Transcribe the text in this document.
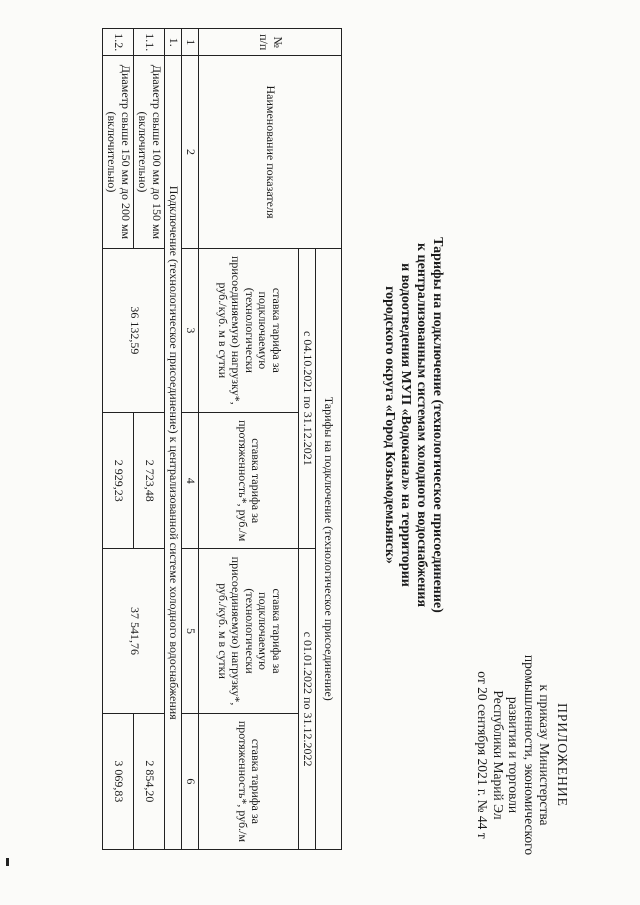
ПРИЛОЖЕНИЕ
к приказу Министерства
промышленности, экономического
развития и торговли
Республики Марий Эл
от 20 сентября 2021 г. № 44 т
Тарифы на подключение (технологическое присоединение)
к централизованным системам холодного водоснабжения
и водоотведения МУП «Водоканал» на территории
городского округа «Город Козьмодемьянск»
№ п/п	Наименование показателя	Тарифы на подключение (технологическое присоединение)			
		с 04.10.2021 по 31.12.2021		с 01.01.2022 по 31.12.2022	
		ставка тарифа за подключаемую (технологически присоединяемую) нагрузку*, руб./куб. м в сутки	ставка тарифа за протяженность*, руб./м	ставка тарифа за подключаемую (технологически присоединяемую) нагрузку*, руб./куб. м в сутки	ставка тарифа за протяженность*, руб./м
1	2	3	4	5	6
1.	Подключение (технологическое присоединение) к централизованной системе холодного водоснабжения				
1.1.	Диаметр свыше 100 мм до 150 мм (включительно)	36 132,59	2 723,48	37 541,76	2 854,20
1.2.	Диаметр свыше 150 мм до 200 мм (включительно)		2 929,23		3 069,83
